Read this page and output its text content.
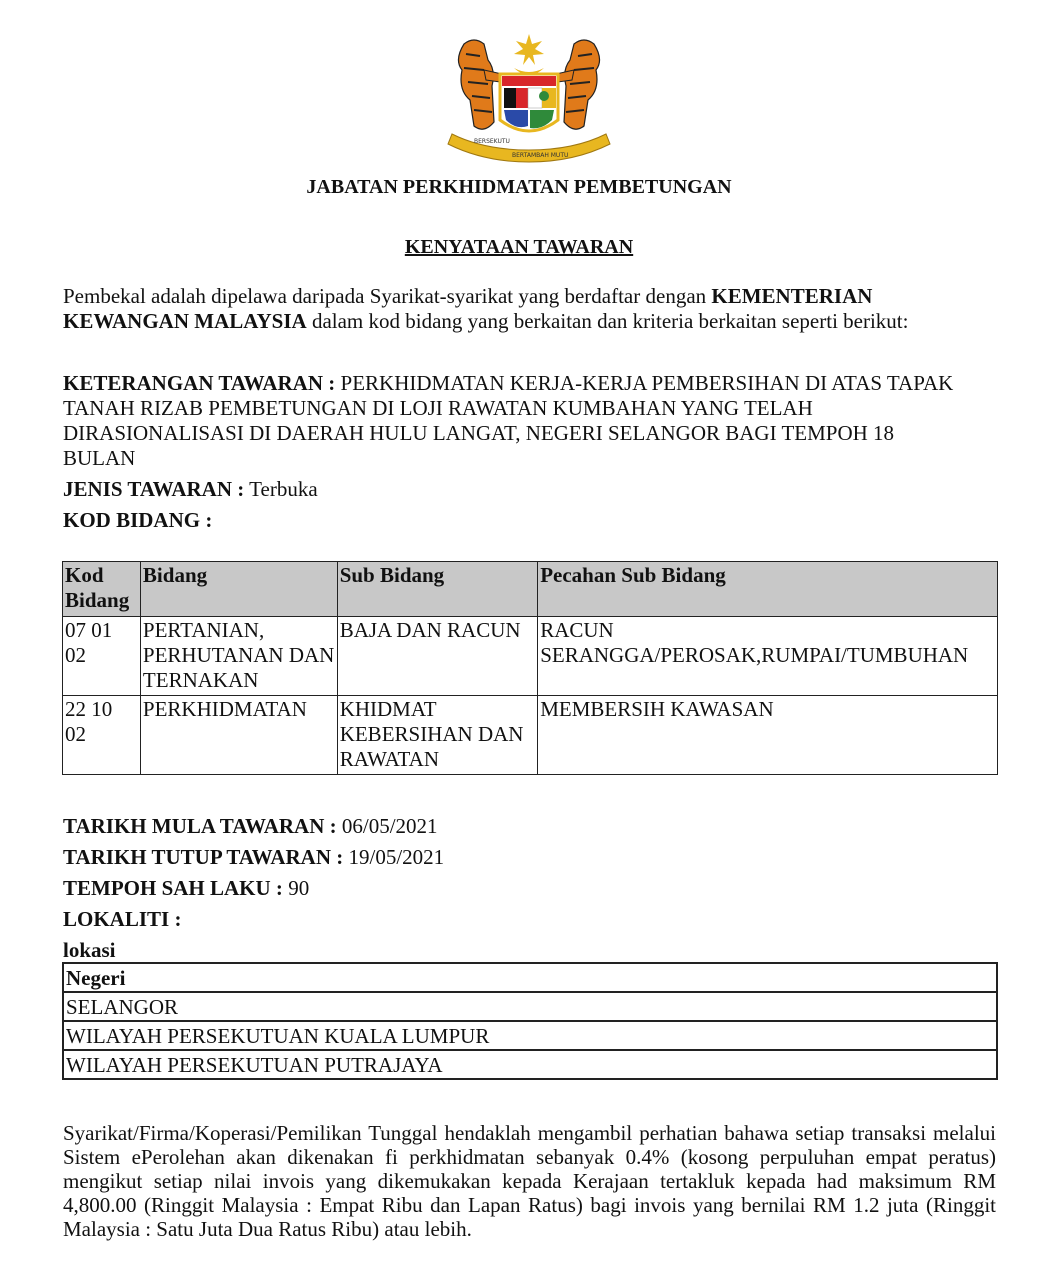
BERSEKUTU
BERTAMBAH MUTU
JABATAN PERKHIDMATAN PEMBETUNGAN
KENYATAAN TAWARAN
Pembekal adalah dipelawa daripada Syarikat-syarikat yang berdaftar dengan KEMENTERIAN KEWANGAN MALAYSIA dalam kod bidang yang berkaitan dan kriteria berkaitan seperti berikut:
KETERANGAN TAWARAN : PERKHIDMATAN KERJA-KERJA PEMBERSIHAN DI ATAS TAPAK TANAH RIZAB PEMBETUNGAN DI LOJI RAWATAN KUMBAHAN YANG TELAH DIRASIONALISASI DI DAERAH HULU LANGAT, NEGERI SELANGOR BAGI TEMPOH 18 BULAN
JENIS TAWARAN : Terbuka
KOD BIDANG :
Kod Bidang	Bidang	Sub Bidang	Pecahan Sub Bidang
07 01 02	PERTANIAN, PERHUTANAN DAN TERNAKAN	BAJA DAN RACUN	RACUN SERANGGA/PEROSAK,RUMPAI/TUMBUHAN
22 10 02	PERKHIDMATAN	KHIDMAT KEBERSIHAN DAN RAWATAN	MEMBERSIH KAWASAN
TARIKH MULA TAWARAN : 06/05/2021
TARIKH TUTUP TAWARAN : 19/05/2021
TEMPOH SAH LAKU : 90
LOKALITI :
lokasi
Negeri
SELANGOR
WILAYAH PERSEKUTUAN KUALA LUMPUR
WILAYAH PERSEKUTUAN PUTRAJAYA
Syarikat/Firma/Koperasi/Pemilikan Tunggal hendaklah mengambil perhatian bahawa setiap transaksi melalui Sistem ePerolehan akan dikenakan fi perkhidmatan sebanyak 0.4% (kosong perpuluhan empat peratus) mengikut setiap nilai invois yang dikemukakan kepada Kerajaan tertakluk kepada had maksimum RM 4,800.00 (Ringgit Malaysia : Empat Ribu dan Lapan Ratus) bagi invois yang bernilai RM 1.2 juta (Ringgit Malaysia : Satu Juta Dua Ratus Ribu) atau lebih.
